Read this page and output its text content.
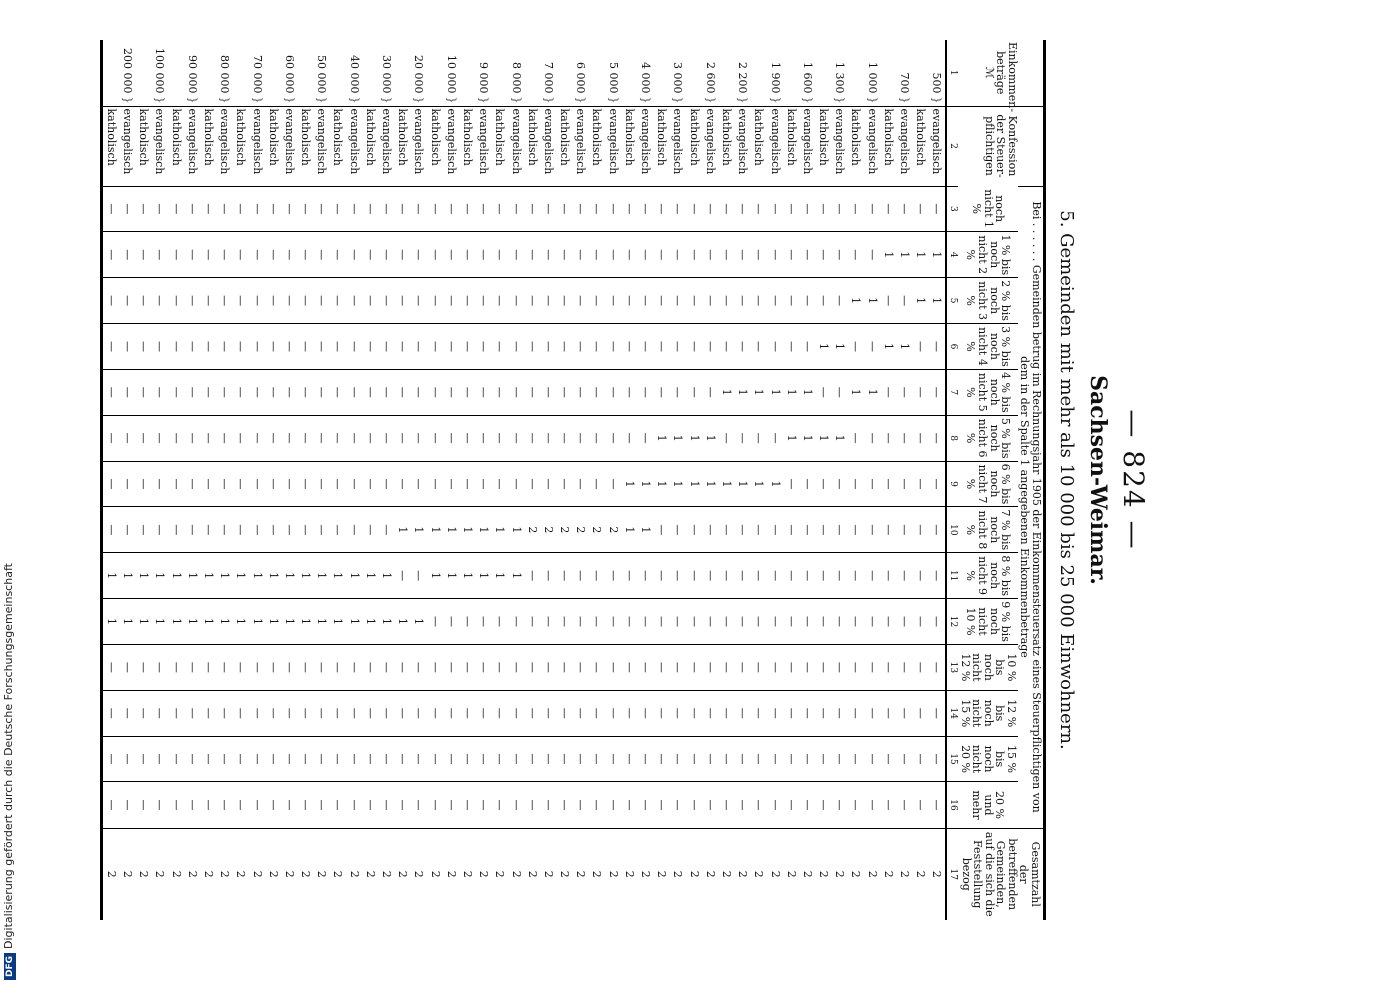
— 824 —
Sachsen-Weimar.
5. Gemeinden mit mehr als 10 000 bis 25 000 Einwohnern.
Einkommen-beträge
ℳ	Konfession der Steuer-pflichtigen	Bei . . . . . . Gemeinden betrug im Rechnungsjahr 1905 der Einkommensteuersatz eines Steuerpflichtigen von dem in der Spalte 1 angegebenen Einkommenbetrage														Gesamtzahl der betreffenden Gemeinden, auf die sich die Feststellung bezog
		noch nicht 1 %	1 % bis noch nicht 2 %	2 % bis noch nicht 3 %	3 % bis noch nicht 4 %	4 % bis noch nicht 5 %	5 % bis noch nicht 6 %	6 % bis noch nicht 7 %	7 % bis noch nicht 8 %	8 % bis noch nicht 9 %	9 % bis noch nicht 10 %	10 % bis noch nicht 12 %	12 % bis noch nicht 15 %	15 % bis noch nicht 20 %	20 % und mehr	
1	2	3	4	5	6	7	8	9	10	11	12	13	14	15	16	17
500}	evangelisch	—	1	1	—	—	—	—	—	—	—	—	—	—	—	2
	katholisch	—	1	1	—	—	—	—	—	—	—	—	—	—	—	2
700}	evangelisch	—	1	—	1	—	—	—	—	—	—	—	—	—	—	2
	katholisch	—	1	—	1	—	—	—	—	—	—	—	—	—	—	2
1 000}	evangelisch	—	—	1	—	1	—	—	—	—	—	—	—	—	—	2
	katholisch	—	—	1	—	1	—	—	—	—	—	—	—	—	—	2
1 300}	evangelisch	—	—	—	1	—	1	—	—	—	—	—	—	—	—	2
	katholisch	—	—	—	1	—	1	—	—	—	—	—	—	—	—	2
1 600}	evangelisch	—	—	—	—	1	1	—	—	—	—	—	—	—	—	2
	katholisch	—	—	—	—	1	1	—	—	—	—	—	—	—	—	2
1 900}	evangelisch	—	—	—	—	1	—	1	—	—	—	—	—	—	—	2
	katholisch	—	—	—	—	1	—	1	—	—	—	—	—	—	—	2
2 200}	evangelisch	—	—	—	—	1	—	1	—	—	—	—	—	—	—	2
	katholisch	—	—	—	—	1	—	1	—	—	—	—	—	—	—	2
2 600}	evangelisch	—	—	—	—	—	1	1	—	—	—	—	—	—	—	2
	katholisch	—	—	—	—	—	1	1	—	—	—	—	—	—	—	2
3 000}	evangelisch	—	—	—	—	—	1	1	—	—	—	—	—	—	—	2
	katholisch	—	—	—	—	—	1	1	—	—	—	—	—	—	—	2
4 000}	evangelisch	—	—	—	—	—	—	1	1	—	—	—	—	—	—	2
	katholisch	—	—	—	—	—	—	1	1	—	—	—	—	—	—	2
5 000}	evangelisch	—	—	—	—	—	—	—	2	—	—	—	—	—	—	2
	katholisch	—	—	—	—	—	—	—	2	—	—	—	—	—	—	2
6 000}	evangelisch	—	—	—	—	—	—	—	2	—	—	—	—	—	—	2
	katholisch	—	—	—	—	—	—	—	2	—	—	—	—	—	—	2
7 000}	evangelisch	—	—	—	—	—	—	—	2	—	—	—	—	—	—	2
	katholisch	—	—	—	—	—	—	—	2	—	—	—	—	—	—	2
8 000}	evangelisch	—	—	—	—	—	—	—	1	1	—	—	—	—	—	2
	katholisch	—	—	—	—	—	—	—	1	1	—	—	—	—	—	2
9 000}	evangelisch	—	—	—	—	—	—	—	1	1	—	—	—	—	—	2
	katholisch	—	—	—	—	—	—	—	1	1	—	—	—	—	—	2
10 000}	evangelisch	—	—	—	—	—	—	—	1	1	—	—	—	—	—	2
	katholisch	—	—	—	—	—	—	—	1	1	—	—	—	—	—	2
20 000}	evangelisch	—	—	—	—	—	—	—	1	—	1	—	—	—	—	2
	katholisch	—	—	—	—	—	—	—	1	—	1	—	—	—	—	2
30 000}	evangelisch	—	—	—	—	—	—	—	—	1	1	—	—	—	—	2
	katholisch	—	—	—	—	—	—	—	—	1	1	—	—	—	—	2
40 000}	evangelisch	—	—	—	—	—	—	—	—	1	1	—	—	—	—	2
	katholisch	—	—	—	—	—	—	—	—	1	1	—	—	—	—	2
50 000}	evangelisch	—	—	—	—	—	—	—	—	1	1	—	—	—	—	2
	katholisch	—	—	—	—	—	—	—	—	1	1	—	—	—	—	2
60 000}	evangelisch	—	—	—	—	—	—	—	—	1	1	—	—	—	—	2
	katholisch	—	—	—	—	—	—	—	—	1	1	—	—	—	—	2
70 000}	evangelisch	—	—	—	—	—	—	—	—	1	1	—	—	—	—	2
	katholisch	—	—	—	—	—	—	—	—	1	1	—	—	—	—	2
80 000}	evangelisch	—	—	—	—	—	—	—	—	1	1	—	—	—	—	2
	katholisch	—	—	—	—	—	—	—	—	1	1	—	—	—	—	2
90 000}	evangelisch	—	—	—	—	—	—	—	—	1	1	—	—	—	—	2
	katholisch	—	—	—	—	—	—	—	—	1	1	—	—	—	—	2
100 000}	evangelisch	—	—	—	—	—	—	—	—	1	1	—	—	—	—	2
	katholisch	—	—	—	—	—	—	—	—	1	1	—	—	—	—	2
200 000}	evangelisch	—	—	—	—	—	—	—	—	1	1	—	—	—	—	2
	katholisch	—	—	—	—	—	—	—	—	1	1	—	—	—	—	2
DFGDigitalisierung gefördert durch die Deutsche Forschungsgemeinschaft
